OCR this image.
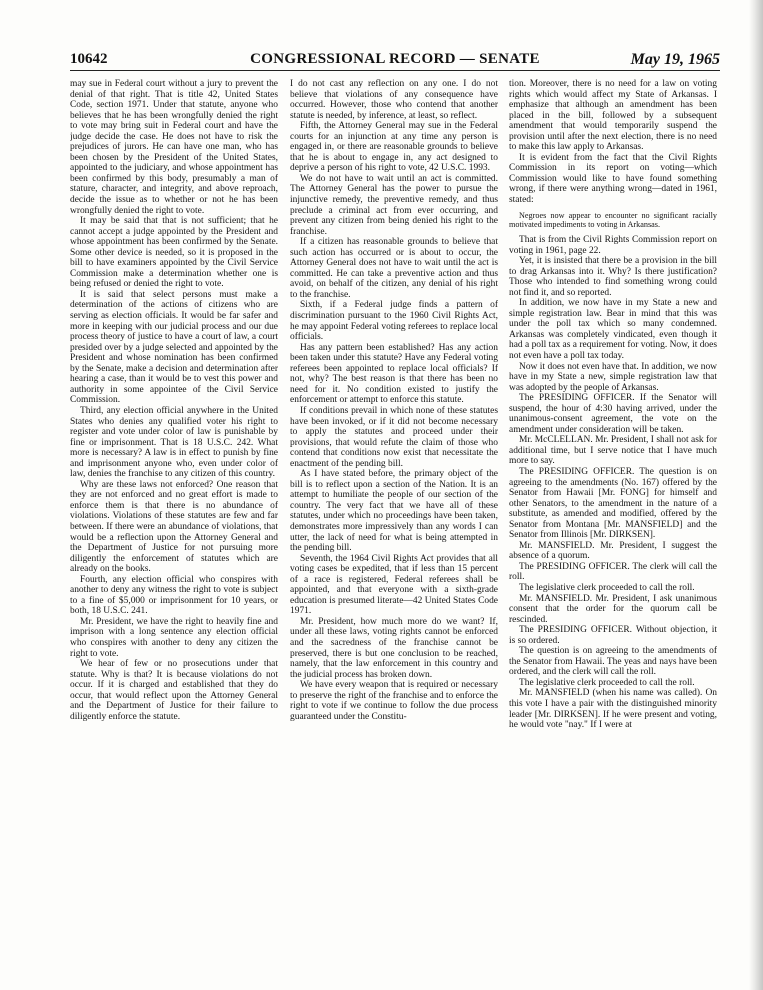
10642	CONGRESSIONAL RECORD — SENATE	May 19, 1965

may sue in Federal court without a jury to prevent the denial of that right. That is title 42, United States Code, section 1971. Under that statute, anyone who believes that he has been wrongfully denied the right to vote may bring suit in Federal court and have the judge decide the case. He does not have to risk the prejudices of jurors. He can have one man, who has been chosen by the President of the United States, appointed to the judiciary, and whose appointment has been confirmed by this body, presumably a man of stature, character, and integrity, and above reproach, decide the issue as to whether or not he has been wrongfully denied the right to vote.

It may be said that that is not sufficient; that he cannot accept a judge appointed by the President and whose appointment has been confirmed by the Senate. Some other device is needed, so it is proposed in the bill to have examiners appointed by the Civil Service Commission make a determination whether one is being refused or denied the right to vote.

It is said that select persons must make a determination of the actions of citizens who are serving as election officials. It would be far safer and more in keeping with our judicial process and our due process theory of justice to have a court of law, a court presided over by a judge selected and appointed by the President and whose nomination has been confirmed by the Senate, make a decision and determination after hearing a case, than it would be to vest this power and authority in some appointee of the Civil Service Commission.

Third, any election official anywhere in the United States who denies any qualified voter his right to register and vote under color of law is punishable by fine or imprisonment. That is 18 U.S.C. 242. What more is necessary? A law is in effect to punish by fine and imprisonment anyone who, even under color of law, denies the franchise to any citizen of this country.

Why are these laws not enforced? One reason that they are not enforced and no great effort is made to enforce them is that there is no abundance of violations. Violations of these statutes are few and far between. If there were an abundance of violations, that would be a reflection upon the Attorney General and the Department of Justice for not pursuing more diligently the enforcement of statutes which are already on the books.

Fourth, any election official who conspires with another to deny any witness the right to vote is subject to a fine of $5,000 or imprisonment for 10 years, or both, 18 U.S.C. 241.

Mr. President, we have the right to heavily fine and imprison with a long sentence any election official who conspires with another to deny any citizen the right to vote.

We hear of few or no prosecutions under that statute. Why is that? It is because violations do not occur. If it is charged and established that they do occur, that would reflect upon the Attorney General and the Department of Justice for their failure to diligently enforce the statute.

I do not cast any reflection on any one. I do not believe that violations of any consequence have occurred. However, those who contend that another statute is needed, by inference, at least, so reflect.

Fifth, the Attorney General may sue in the Federal courts for an injunction at any time any person is engaged in, or there are reasonable grounds to believe that he is about to engage in, any act designed to deprive a person of his right to vote, 42 U.S.C. 1993.

We do not have to wait until an act is committed. The Attorney General has the power to pursue the injunctive remedy, the preventive remedy, and thus preclude a criminal act from ever occurring, and prevent any citizen from being denied his right to the franchise.

If a citizen has reasonable grounds to believe that such action has occurred or is about to occur, the Attorney General does not have to wait until the act is committed. He can take a preventive action and thus avoid, on behalf of the citizen, any denial of his right to the franchise.

Sixth, if a Federal judge finds a pattern of discrimination pursuant to the 1960 Civil Rights Act, he may appoint Federal voting referees to replace local officials.

Has any pattern been established? Has any action been taken under this statute? Have any Federal voting referees been appointed to replace local officials? If not, why? The best reason is that there has been no need for it. No condition existed to justify the enforcement or attempt to enforce this statute.

If conditions prevail in which none of these statutes have been invoked, or if it did not become necessary to apply the statutes and proceed under their provisions, that would refute the claim of those who contend that conditions now exist that necessitate the enactment of the pending bill.

As I have stated before, the primary object of the bill is to reflect upon a section of the Nation. It is an attempt to humiliate the people of our section of the country. The very fact that we have all of these statutes, under which no proceedings have been taken, demonstrates more impressively than any words I can utter, the lack of need for what is being attempted in the pending bill.

Seventh, the 1964 Civil Rights Act provides that all voting cases be expedited, that if less than 15 percent of a race is registered, Federal referees shall be appointed, and that everyone with a sixth-grade education is presumed literate—42 United States Code 1971.

Mr. President, how much more do we want? If, under all these laws, voting rights cannot be enforced and the sacredness of the franchise cannot be preserved, there is but one conclusion to be reached, namely, that the law enforcement in this country and the judicial process has broken down.

We have every weapon that is required or necessary to preserve the right of the franchise and to enforce the right to vote if we continue to follow the due process guaranteed under the Constitu-

tion. Moreover, there is no need for a law on voting rights which would affect my State of Arkansas. I emphasize that although an amendment has been placed in the bill, followed by a subsequent amendment that would temporarily suspend the provision until after the next election, there is no need to make this law apply to Arkansas.

It is evident from the fact that the Civil Rights Commission in its report on voting—which Commission would like to have found something wrong, if there were anything wrong—dated in 1961, stated:

Negroes now appear to encounter no significant racially motivated impediments to voting in Arkansas.

That is from the Civil Rights Commission report on voting in 1961, page 22.

Yet, it is insisted that there be a provision in the bill to drag Arkansas into it. Why? Is there justification? Those who intended to find something wrong could not find it, and so reported.

In addition, we now have in my State a new and simple registration law. Bear in mind that this was under the poll tax which so many condemned. Arkansas was completely vindicated, even though it had a poll tax as a requirement for voting. Now, it does not even have a poll tax today.

Now it does not even have that. In addition, we now have in my State a new, simple registration law that was adopted by the people of Arkansas.

The PRESIDING OFFICER. If the Senator will suspend, the hour of 4:30 having arrived, under the unanimous-consent agreement, the vote on the amendment under consideration will be taken.

Mr. McCLELLAN. Mr. President, I shall not ask for additional time, but I serve notice that I have much more to say.

The PRESIDING OFFICER. The question is on agreeing to the amendments (No. 167) offered by the Senator from Hawaii [Mr. FONG] for himself and other Senators, to the amendment in the nature of a substitute, as amended and modified, offered by the Senator from Montana [Mr. MANSFIELD] and the Senator from Illinois [Mr. DIRKSEN].

Mr. MANSFIELD. Mr. President, I suggest the absence of a quorum.

The PRESIDING OFFICER. The clerk will call the roll.

The legislative clerk proceeded to call the roll.

Mr. MANSFIELD. Mr. President, I ask unanimous consent that the order for the quorum call be rescinded.

The PRESIDING OFFICER. Without objection, it is so ordered.

The question is on agreeing to the amendments of the Senator from Hawaii. The yeas and nays have been ordered, and the clerk will call the roll.

The legislative clerk proceeded to call the roll.

Mr. MANSFIELD (when his name was called). On this vote I have a pair with the distinguished minority leader [Mr. DIRKSEN]. If he were present and voting, he would vote "nay." If I were at
